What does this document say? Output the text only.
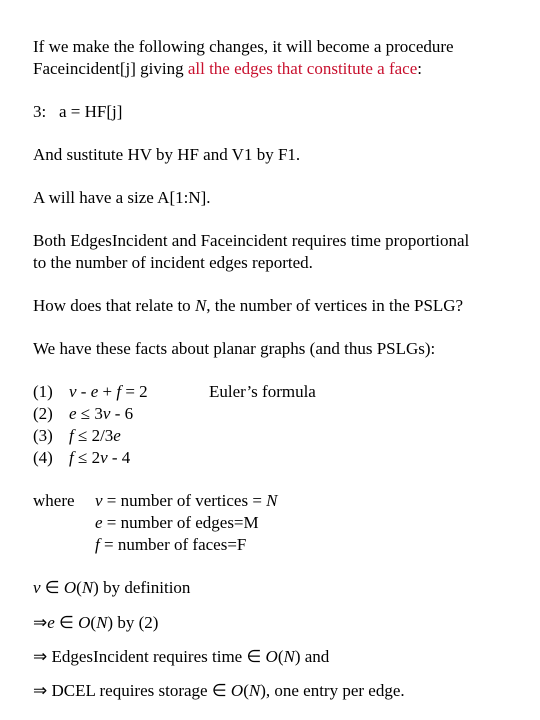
If we make the following changes, it will become a procedure
Faceincident[j] giving all the edges that constitute a face:

3:   a = HF[j]

And sustitute HV by HF and V1 by F1.

A will have a size A[1:N].

Both EdgesIncident and Faceincident requires time proportional
to the number of incident edges reported.

How does that relate to N, the number of vertices in the PSLG?

We have these facts about planar graphs (and thus PSLGs):

(1) v - e + f = 2	Euler’s formula
(2) e ≤ 3v - 6
(3) f ≤ 2/3e
(4) f ≤ 2v - 4
where	v = number of vertices = N
e = number of edges=M
f = number of faces=F

v ∈ O(N) by definition

⇒e ∈ O(N) by (2)

⇒ EdgesIncident requires time ∈ O(N) and

⇒ DCEL requires storage ∈ O(N), one entry per edge.
